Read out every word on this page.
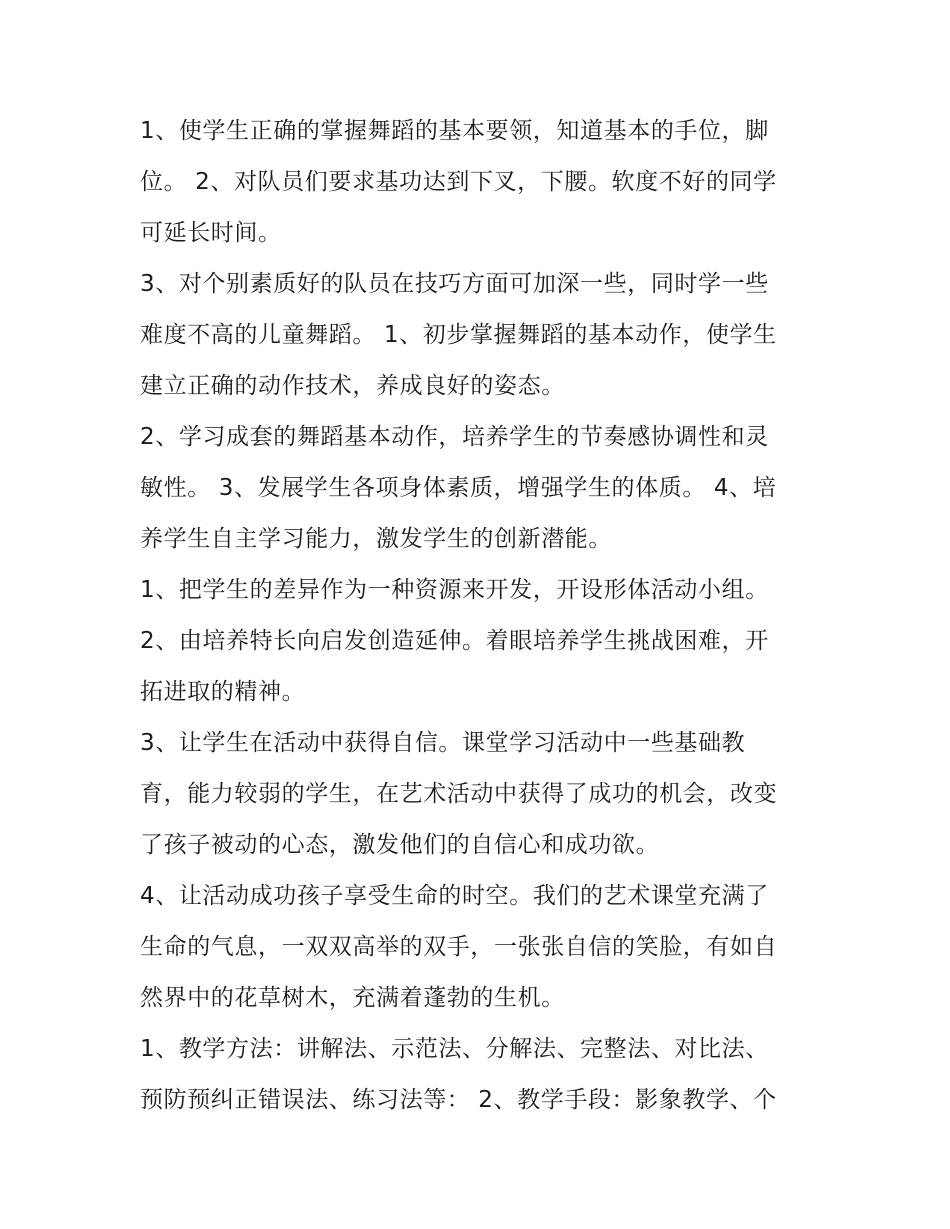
1、使学生正确的掌握舞蹈的基本要领，知道基本的手位，脚
位。 2、对队员们要求基功达到下叉，下腰。软度不好的同学
可延长时间。
3、对个别素质好的队员在技巧方面可加深一些，同时学一些
难度不高的儿童舞蹈。 1、初步掌握舞蹈的基本动作，使学生
建立正确的动作技术，养成良好的姿态。
2、学习成套的舞蹈基本动作，培养学生的节奏感协调性和灵
敏性。 3、发展学生各项身体素质，增强学生的体质。 4、培
养学生自主学习能力，激发学生的创新潜能。
1、把学生的差异作为一种资源来开发，开设形体活动小组。
2、由培养特长向启发创造延伸。着眼培养学生挑战困难，开
拓进取的精神。
3、让学生在活动中获得自信。课堂学习活动中一些基础教
育，能力较弱的学生，在艺术活动中获得了成功的机会，改变
了孩子被动的心态，激发他们的自信心和成功欲。
4、让活动成功孩子享受生命的时空。我们的艺术课堂充满了
生命的气息，一双双高举的双手，一张张自信的笑脸，有如自
然界中的花草树木，充满着蓬勃的生机。
1、教学方法：讲解法、示范法、分解法、完整法、对比法、
预防预纠正错误法、练习法等： 2、教学手段：影象教学、个
